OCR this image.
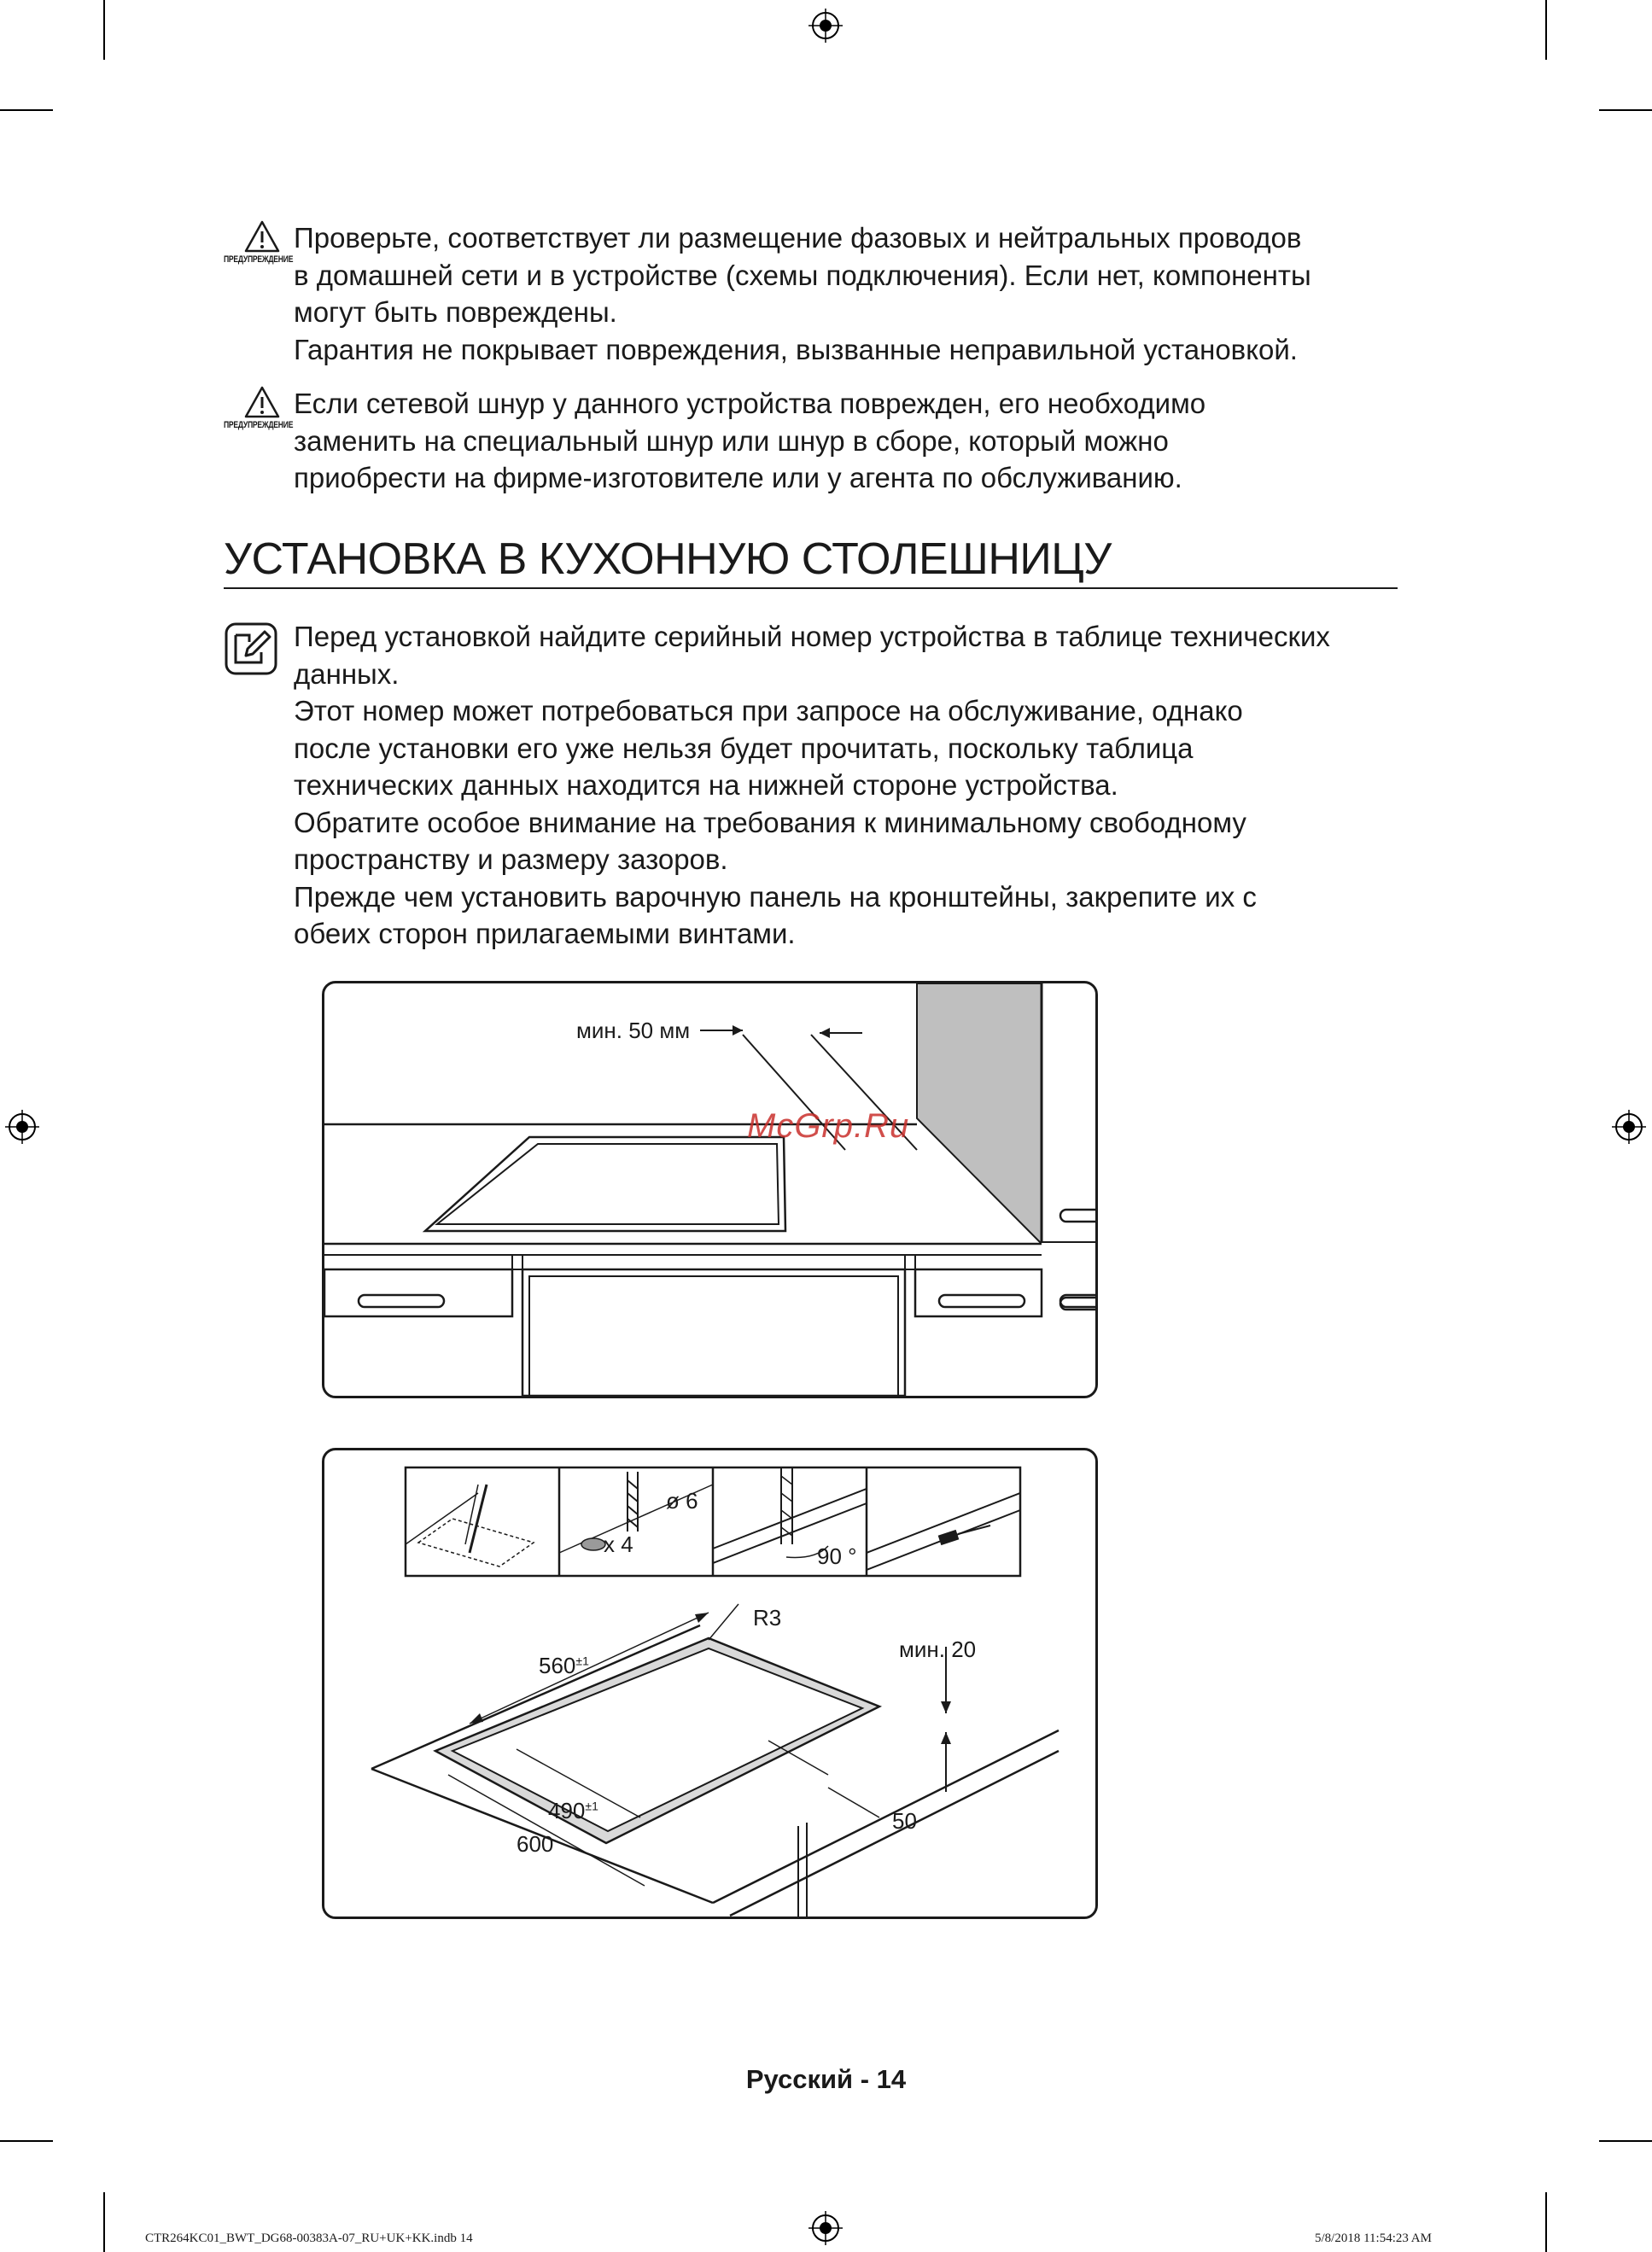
ПРЕДУПРЕЖДЕНИЕ

Проверьте, соответствует ли размещение фазовых и нейтральных проводов

в домашней сети и в устройстве (схемы подключения). Если нет, компоненты

могут быть повреждены.

Гарантия не покрывает повреждения, вызванные неправильной установкой.

ПРЕДУПРЕЖДЕНИЕ

Если сетевой шнур у данного устройства поврежден, его необходимо

заменить на специальный шнур или шнур в сборе, который можно

приобрести на фирме-изготовителе или у агента по обслуживанию.

УСТАНОВКА В КУХОННУЮ СТОЛЕШНИЦУ

Перед установкой найдите серийный номер устройства в таблице технических

данных.

Этот номер может потребоваться при запросе на обслуживание, однако

после установки его уже нельзя будет прочитать, поскольку таблица

технических данных находится на нижней стороне устройства.

Обратите особое внимание на требования к минимальному свободному

пространству и размеру зазоров.

Прежде чем установить варочную панель на кронштейны, закрепите их с

обеих сторон прилагаемыми винтами.

мин. 50 мм
McGrp.Ru
ø 6
x 4	90 °
R3
$560^{\pm 1}$	мин. 20
$490^{\pm 1}$
600
50
Русский - 14
CTR264KC01_BWT_DG68-00383A-07_RU+UK+KK.indb 14	5/8/2018 11:54:23 AM
